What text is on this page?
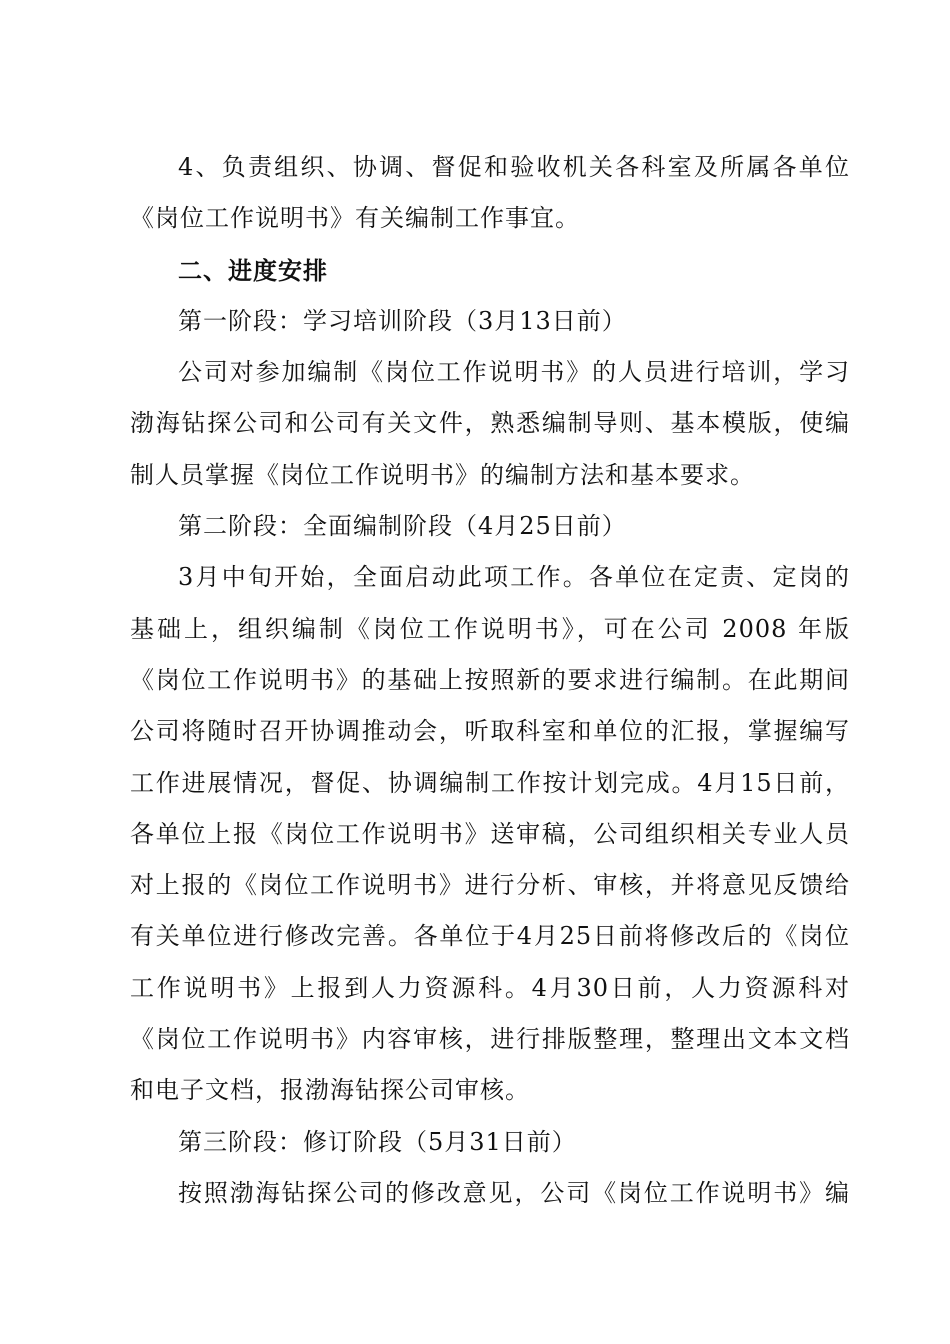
4、负责组织、协调、督促和验收机关各科室及所属各单位
《岗位工作说明书》有关编制工作事宜。
二、进度安排
第一阶段：学习培训阶段（3月13日前）
公司对参加编制《岗位工作说明书》的人员进行培训，学习
渤海钻探公司和公司有关文件，熟悉编制导则、基本模版，使编
制人员掌握《岗位工作说明书》的编制方法和基本要求。
第二阶段：全面编制阶段（4月25日前）
3月中旬开始，全面启动此项工作。各单位在定责、定岗的
基础上，组织编制《岗位工作说明书》，可在公司 2008 年版
《岗位工作说明书》的基础上按照新的要求进行编制。在此期间
公司将随时召开协调推动会，听取科室和单位的汇报，掌握编写
工作进展情况，督促、协调编制工作按计划完成。4月15日前，
各单位上报《岗位工作说明书》送审稿，公司组织相关专业人员
对上报的《岗位工作说明书》进行分析、审核，并将意见反馈给
有关单位进行修改完善。各单位于4月25日前将修改后的《岗位
工作说明书》上报到人力资源科。4月30日前，人力资源科对
《岗位工作说明书》内容审核，进行排版整理，整理出文本文档
和电子文档，报渤海钻探公司审核。
第三阶段：修订阶段（5月31日前）
按照渤海钻探公司的修改意见，公司《岗位工作说明书》编
